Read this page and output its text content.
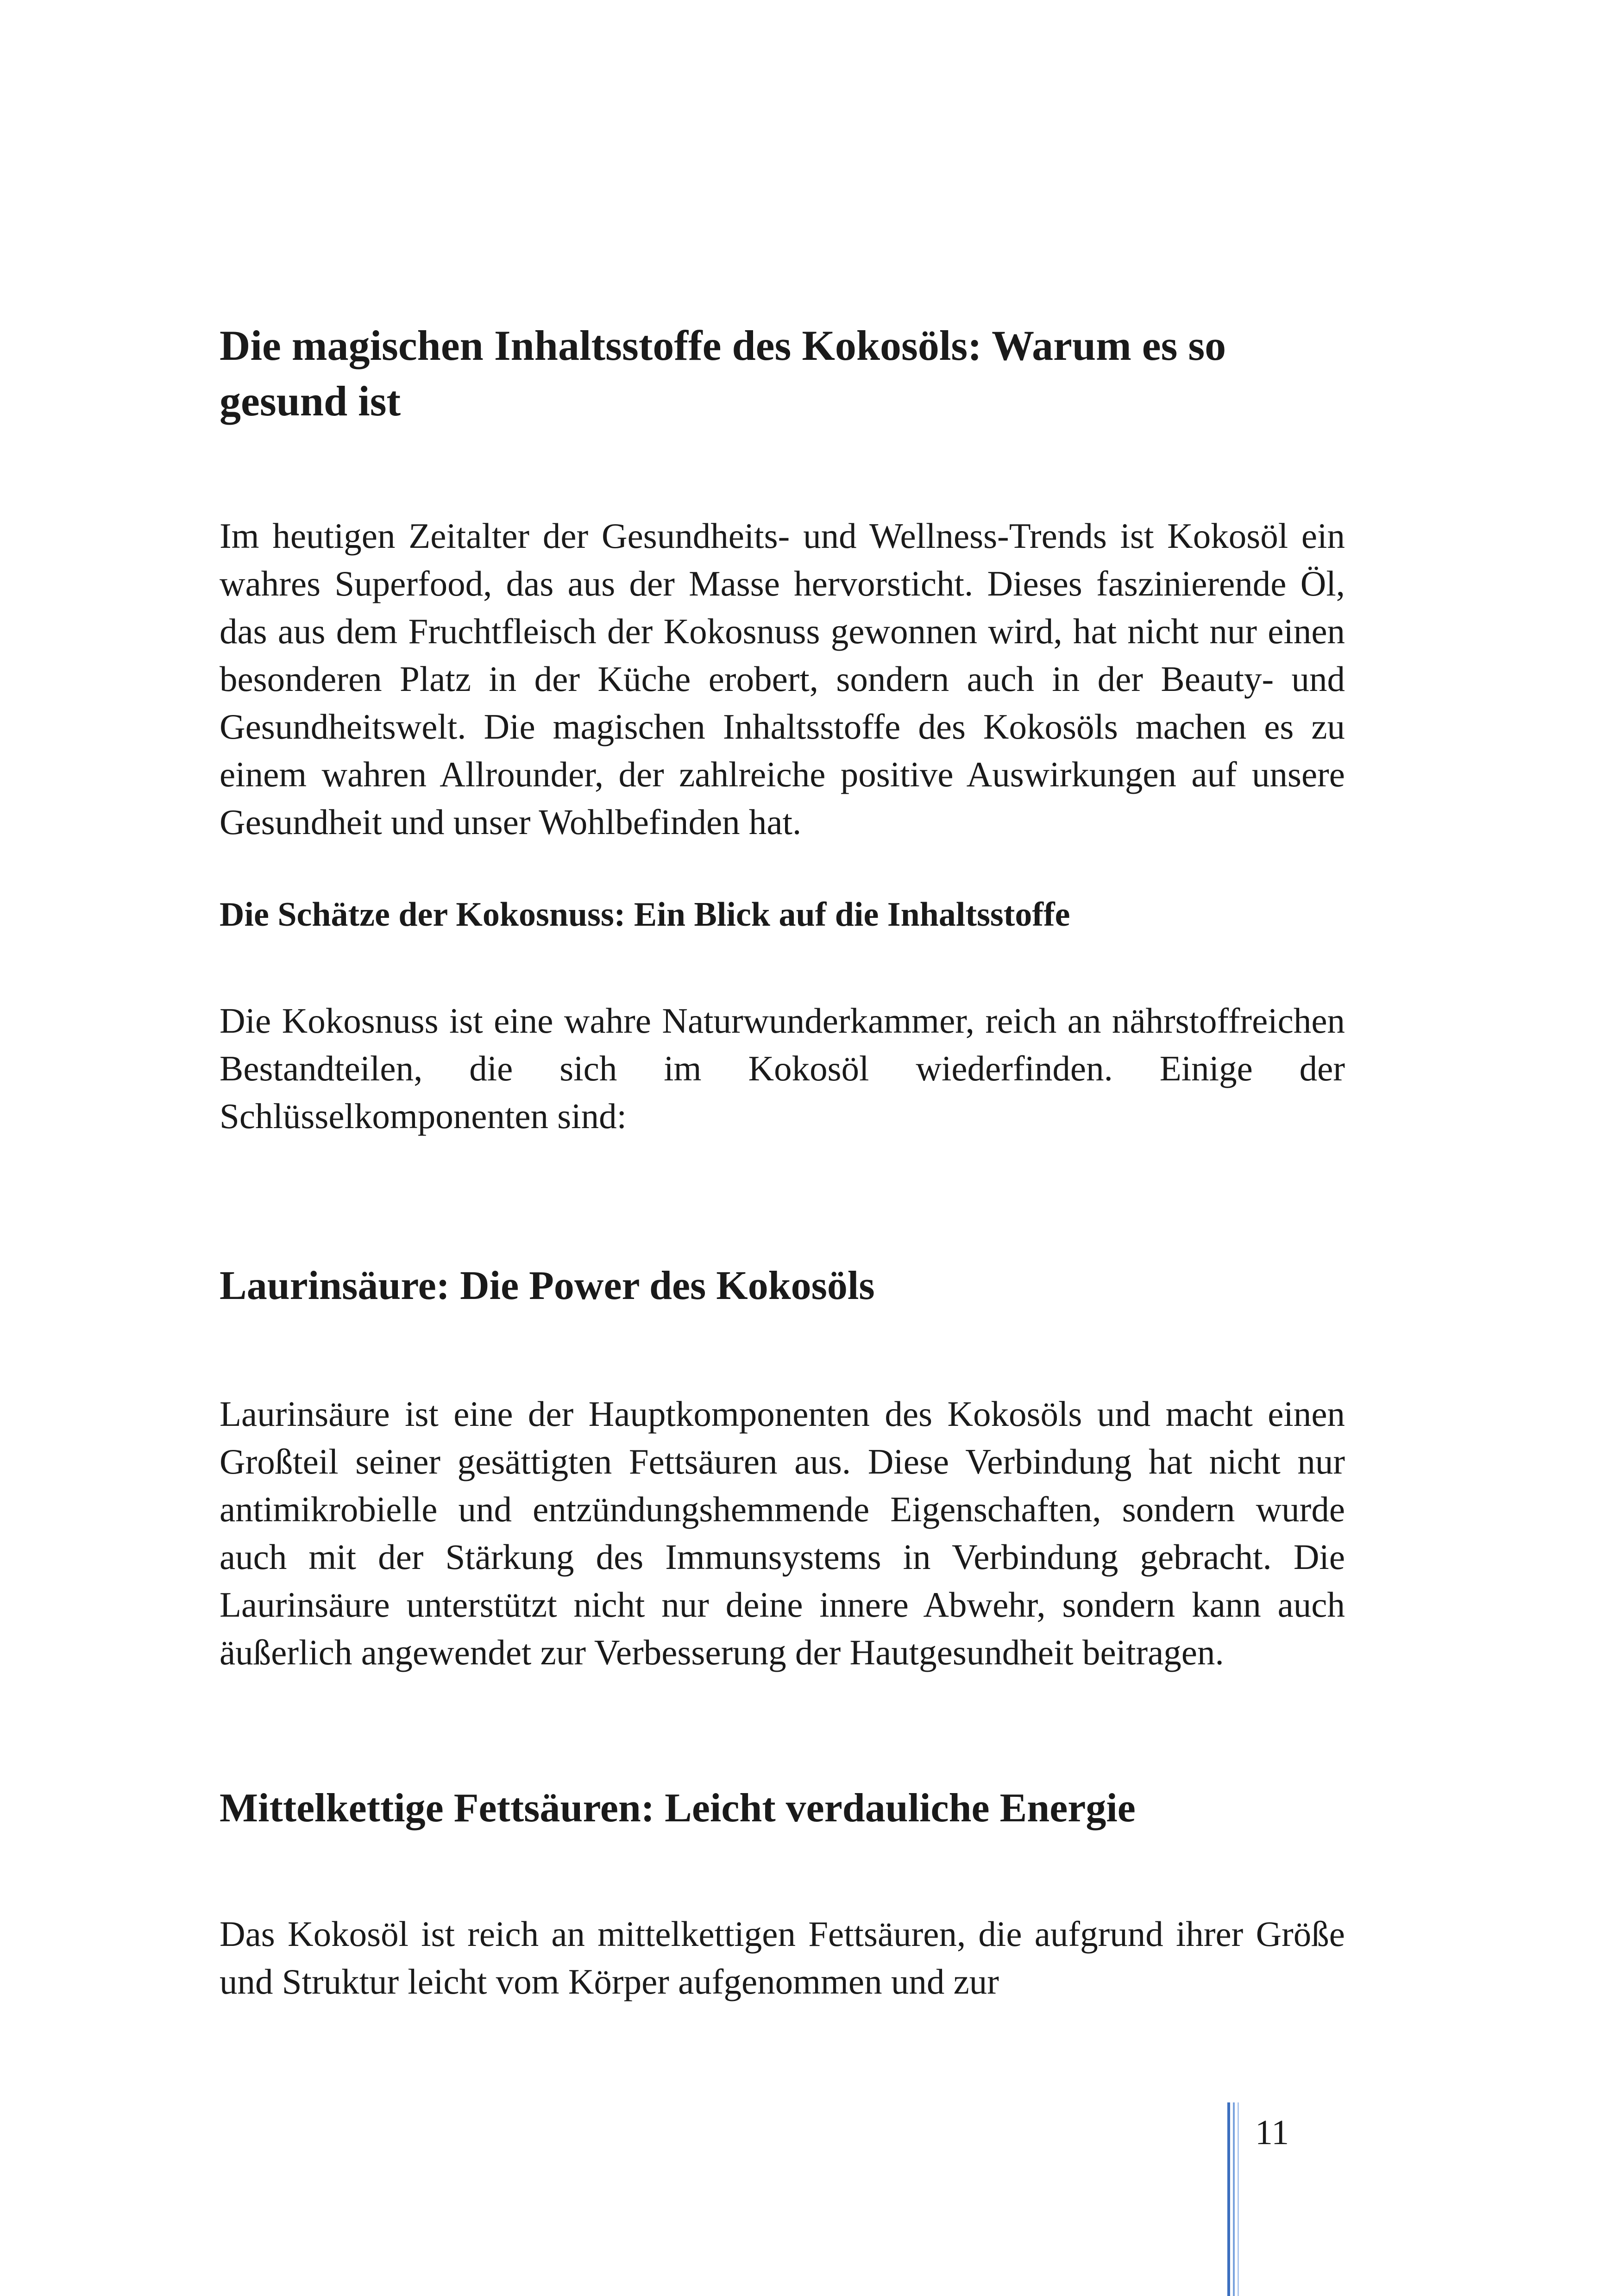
Die magischen Inhaltsstoffe des Kokosöls: Warum es so gesund ist

Im heutigen Zeitalter der Gesundheits- und Wellness-Trends ist Kokosöl ein wahres Superfood, das aus der Masse hervorsticht. Dieses faszinierende Öl, das aus dem Fruchtfleisch der Kokosnuss gewonnen wird, hat nicht nur einen besonderen Platz in der Küche erobert, sondern auch in der Beauty- und Gesundheitswelt. Die magischen Inhaltsstoffe des Kokosöls machen es zu einem wahren Allrounder, der zahlreiche positive Auswirkungen auf unsere Gesundheit und unser Wohlbefinden hat.

Die Schätze der Kokosnuss: Ein Blick auf die Inhaltsstoffe

Die Kokosnuss ist eine wahre Naturwunderkammer, reich an nährstoffreichen Bestandteilen, die sich im Kokosöl wiederfinden. Einige der Schlüsselkomponenten sind:

Laurinsäure: Die Power des Kokosöls

Laurinsäure ist eine der Hauptkomponenten des Kokosöls und macht einen Großteil seiner gesättigten Fettsäuren aus. Diese Verbindung hat nicht nur antimikrobielle und entzündungshemmende Eigenschaften, sondern wurde auch mit der Stärkung des Immunsystems in Verbindung gebracht. Die Laurinsäure unterstützt nicht nur deine innere Abwehr, sondern kann auch äußerlich angewendet zur Verbesserung der Hautgesundheit beitragen.

Mittelkettige Fettsäuren: Leicht verdauliche Energie

Das Kokosöl ist reich an mittelkettigen Fettsäuren, die aufgrund ihrer Größe und Struktur leicht vom Körper aufgenommen und zur

11
